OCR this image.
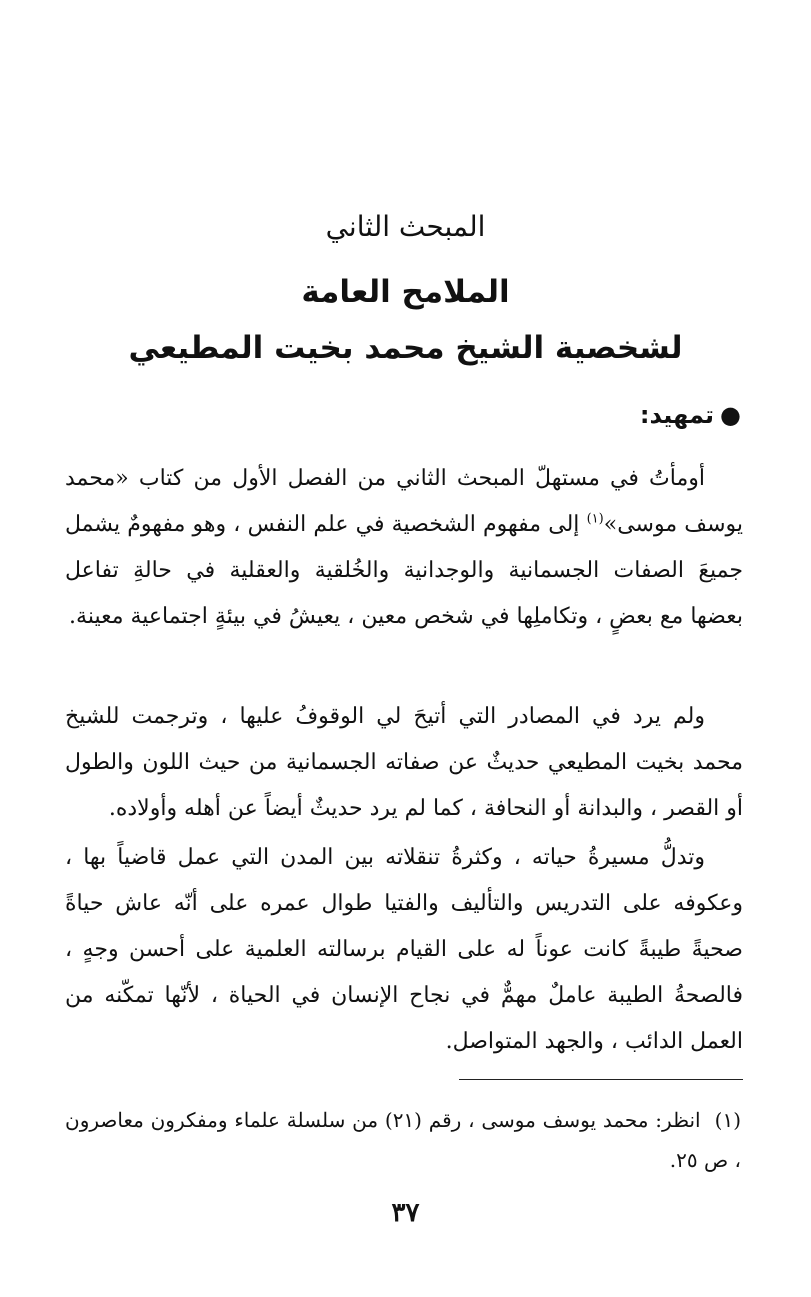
المبحث الثاني
الملامح العامة
لشخصية الشيخ محمد بخيت المطيعي
●تمهيد:

أومأتُ في مستهلّ المبحث الثاني من الفصل الأول من كتاب «محمد يوسف موسى»$^{(١)}$ إلى مفهوم الشخصية في علم النفس ، وهو مفهومٌ يشمل جميعَ الصفات الجسمانية والوجدانية والخُلقية والعقلية في حالةِ تفاعل بعضها مع بعضٍ ، وتكاملِها في شخص معين ، يعيشُ في بيئةٍ اجتماعية معينة.

ولم يرد في المصادر التي أتيحَ لي الوقوفُ عليها ، وترجمت للشيخ محمد بخيت المطيعي حديثٌ عن صفاته الجسمانية من حيث اللون والطول أو القصر ، والبدانة أو النحافة ، كما لم يرد حديثٌ أيضاً عن أهله وأولاده.

وتدلُّ مسيرةُ حياته ، وكثرةُ تنقلاته بين المدن التي عمل قاضياً بها ، وعكوفه على التدريس والتأليف والفتيا طوال عمره على أنّه عاش حياةً صحيةً طيبةً كانت عوناً له على القيام برسالته العلمية على أحسن وجهٍ ، فالصحةُ الطيبة عاملٌ مهمٌّ في نجاح الإنسان في الحياة ، لأنّها تمكّنه من العمل الدائب ، والجهد المتواصل.

(١)انظر: محمد يوسف موسى ، رقم (٢١) من سلسلة علماء ومفكرون معاصرون ، ص ٢٥.

٣٧
